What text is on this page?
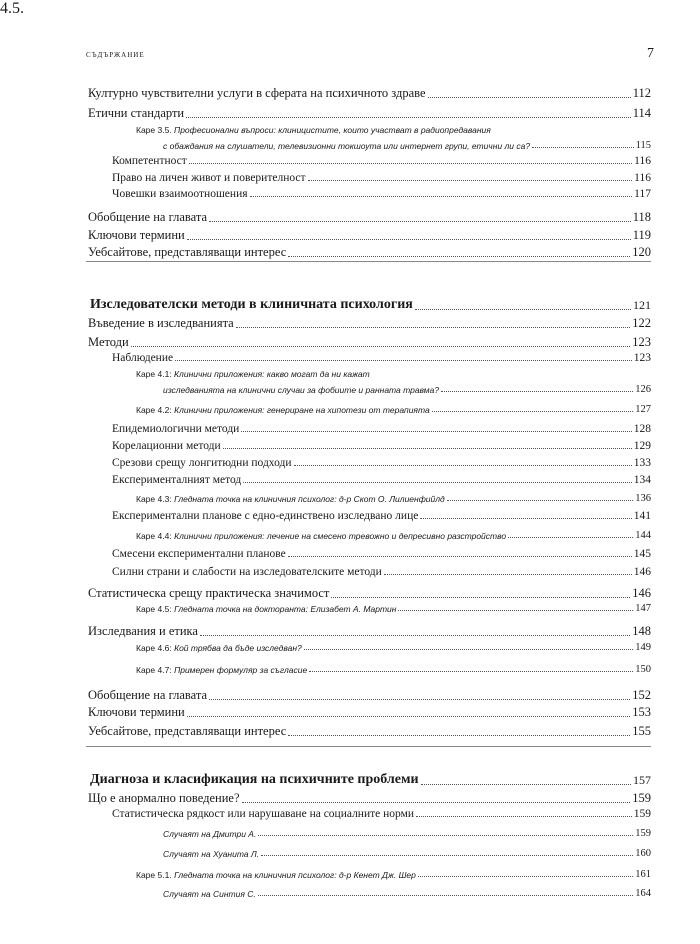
съдържание	7
Културно чувствителни услуги в сферата на психичното здраве	112
Етични стандарти	114
Каре 3.5. Професионални въпроси: клиницистите, които участват в радиопредавания
с обаждания на слушатели, телевизионни токшоута или интернет групи, етични ли са?	115
Компетентност	116
Право на личен живот и поверителност	116
Човешки взаимоотношения	117
Обобщение на главата	118
Ключови термини	119
Уебсайтове, представляващи интерес	120
4.
Изследователски методи в клиничната психология	121
Въведение в изследванията	122
Методи	123
Наблюдение	123
Каре 4.1: Клинични приложения: какво могат да ни кажат
изследванията на клинични случаи за фобиите и ранната травма?	126
Каре 4.2: Клинични приложения: генериране на хипотези от терапията	127
Епидемиологични методи	128
Корелационни методи	129
Срезови срещу лонгитюдни подходи	133
Експерименталният метод	134
Каре 4.3: Гледната точка на клиничния психолог: д-р Скот О. Лилиенфийлд	136
Експериментални планове с едно-единствено изследвано лице	141
Каре 4.4: Клинични приложения: лечение на смесено тревожно и депресивно разстройство	144
Смесени експериментални планове	145
Силни страни и слабости на изследователските методи	146
Статистическа срещу практическа значимост	146
Каре 4.5: Гледната точка на докторанта: Елизабет А. Мартин	147
Изследвания и етика	148
Каре 4.6: Кой трябва да бъде изследван?	149
Каре 4.7: Примерен формуляр за съгласие	150
Обобщение на главата	152
Ключови термини	153
Уебсайтове, представляващи интерес	155
5.
Диагноза и класификация на психичните проблеми	157
Що е анормално поведение?	159
Статистическа рядкост или нарушаване на социалните норми	159
Случаят на Дмитри А.	159
Случаят на Хуанита Л.	160
Каре 5.1. Гледната точка на клиничния психолог: д-р Кенет Дж. Шер	161
Случаят на Синтия С.	164
